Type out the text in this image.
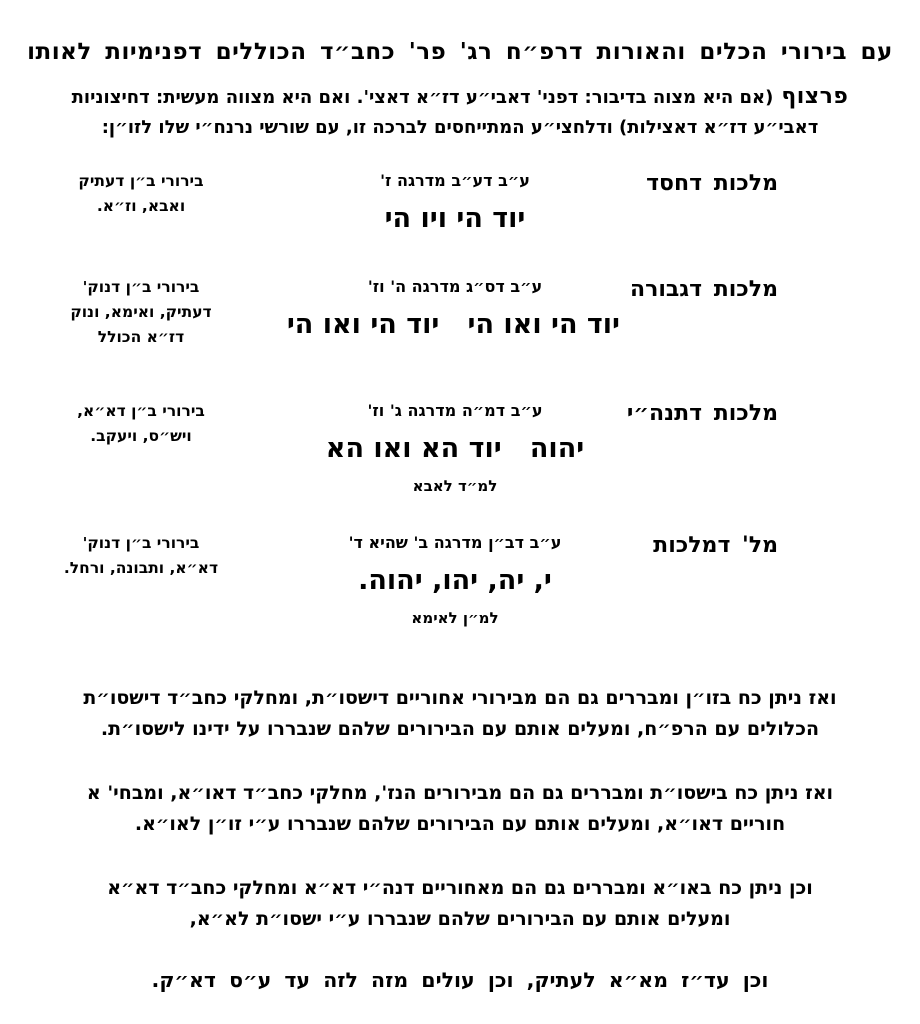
עם בירורי הכלים והאורות דרפ״ח רג' פר' כחב״ד הכוללים דפנימיות לאותו
פרצוף(אם היא מצוה בדיבור: דפני' דאבי״ע דז״א דאצי'. ואם היא מצווה מעשית: דחיצוניות
דאבי״ע דז״א דאצילות) ודלחצי״ע המתייחסים לברכה זו, עם שורשי נרנח״י שלו לזו״ן:
מלכות דחסד
ע״ב דע״ב מדרגה ז'
יוד הי ויו הי
בירורי ב״ן דעתיק
ואבא, וז״א.
מלכות דגבורה
ע״ב דס״ג מדרגה ה' וז'
יוד הי ואו הי   יוד הי ואו הי
בירורי ב״ן דנוק'
דעתיק, ואימא, ונוק
דז״א הכולל
מלכות דתנה״י
ע״ב דמ״ה מדרגה ג' וז'
יהוה   יוד הא ואו הא
למ״ד לאבא
בירורי ב״ן דא״א,
ויש״ס, ויעקב.
מל' דמלכות
ע״ב דב״ן מדרגה ב' שהיא ד'
י, יה, יהו, יהוה.
למ״ן לאימא
בירורי ב״ן דנוק'
דא״א, ותבונה, ורחל.
ואז ניתן כח בזו״ן ומבררים גם הם מבירורי אחוריים דישסו״ת, ומחלקי כחב״ד דישסו״ת
הכלולים עם הרפ״ח, ומעלים אותם עם הבירורים שלהם שנבררו על ידינו לישסו״ת.
ואז ניתן כח בישסו״ת ומבררים גם הם מבירורים הנז', מחלקי כחב״ד דאו״א, ומבחי' א
חוריים דאו״א, ומעלים אותם עם הבירורים שלהם שנבררו ע״י זו״ן לאו״א.
וכן ניתן כח באו״א ומבררים גם הם מאחוריים דנה״י דא״א ומחלקי כחב״ד דא״א
ומעלים אותם עם הבירורים שלהם שנבררו ע״י ישסו״ת לא״א,
וכן עד״ז מא״א לעתיק, וכן עולים מזה לזה עד ע״ס דא״ק.
